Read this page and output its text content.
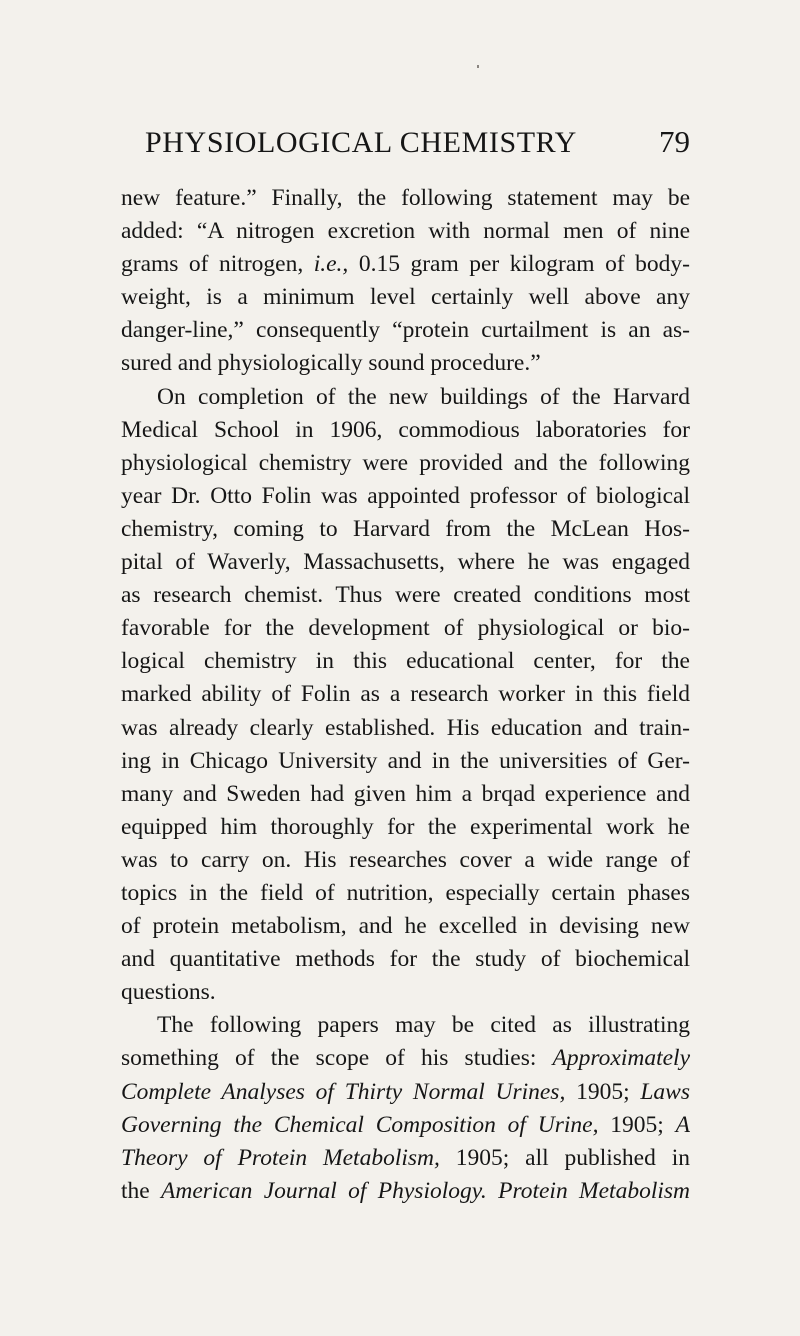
PHYSIOLOGICAL CHEMISTRY	79
new feature.” Finally, the following statement may be
added: “A nitrogen excretion with normal men of nine
grams of nitrogen, i.e., 0.15 gram per kilogram of body-
weight, is a minimum level certainly well above any
danger-line,” consequently “protein curtailment is an as-
sured and physiologically sound procedure.”
On completion of the new buildings of the Harvard
Medical School in 1906, commodious laboratories for
physiological chemistry were provided and the following
year Dr. Otto Folin was appointed professor of biological
chemistry, coming to Harvard from the McLean Hos-
pital of Waverly, Massachusetts, where he was engaged
as research chemist. Thus were created conditions most
favorable for the development of physiological or bio-
logical chemistry in this educational center, for the
marked ability of Folin as a research worker in this field
was already clearly established. His education and train-
ing in Chicago University and in the universities of Ger-
many and Sweden had given him a brqad experience and
equipped him thoroughly for the experimental work he
was to carry on. His researches cover a wide range of
topics in the field of nutrition, especially certain phases
of protein metabolism, and he excelled in devising new
and quantitative methods for the study of biochemical
questions.
The following papers may be cited as illustrating
something of the scope of his studies: Approximately
Complete Analyses of Thirty Normal Urines, 1905; Laws
Governing the Chemical Composition of Urine, 1905; A
Theory of Protein Metabolism, 1905; all published in
the American Journal of Physiology. Protein Metabolism
